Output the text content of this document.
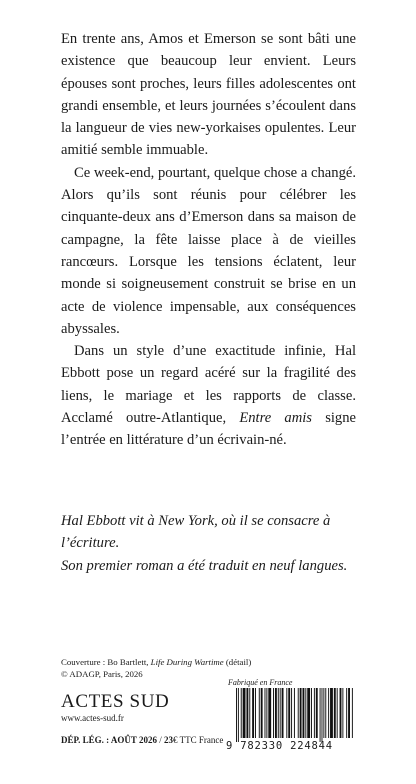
En trente ans, Amos et Emerson se sont bâti une existence que beaucoup leur envient. Leurs épouses sont proches, leurs filles adolescentes ont grandi ensemble, et leurs journées s’écoulent dans la langueur de vies new-yorkaises opulentes. Leur amitié semble immuable.

Ce week-end, pourtant, quelque chose a changé. Alors qu’ils sont réunis pour célébrer les cinquante-deux ans d’Emerson dans sa maison de campagne, la fête laisse place à de vieilles rancœurs. Lorsque les tensions éclatent, leur monde si soigneusement construit se brise en un acte de violence impensable, aux conséquences abyssales.

Dans un style d’une exactitude infinie, Hal Ebbott pose un regard acéré sur la fragilité des liens, le mariage et les rapports de classe. Acclamé outre-Atlantique, Entre amis signe l’entrée en littérature d’un écrivain-né.

Hal Ebbott vit à New York, où il se consacre à l’écriture.

Son premier roman a été traduit en neuf langues.

Couverture : Bo Bartlett, Life During Wartime (détail)

© ADAGP, Paris, 2026

ACTES SUD
www.actes-sud.fr
DÉP. LÉG. : AOÛT 2026 / 23€ TTC France
Fabriqué en France
9 782330 224844
